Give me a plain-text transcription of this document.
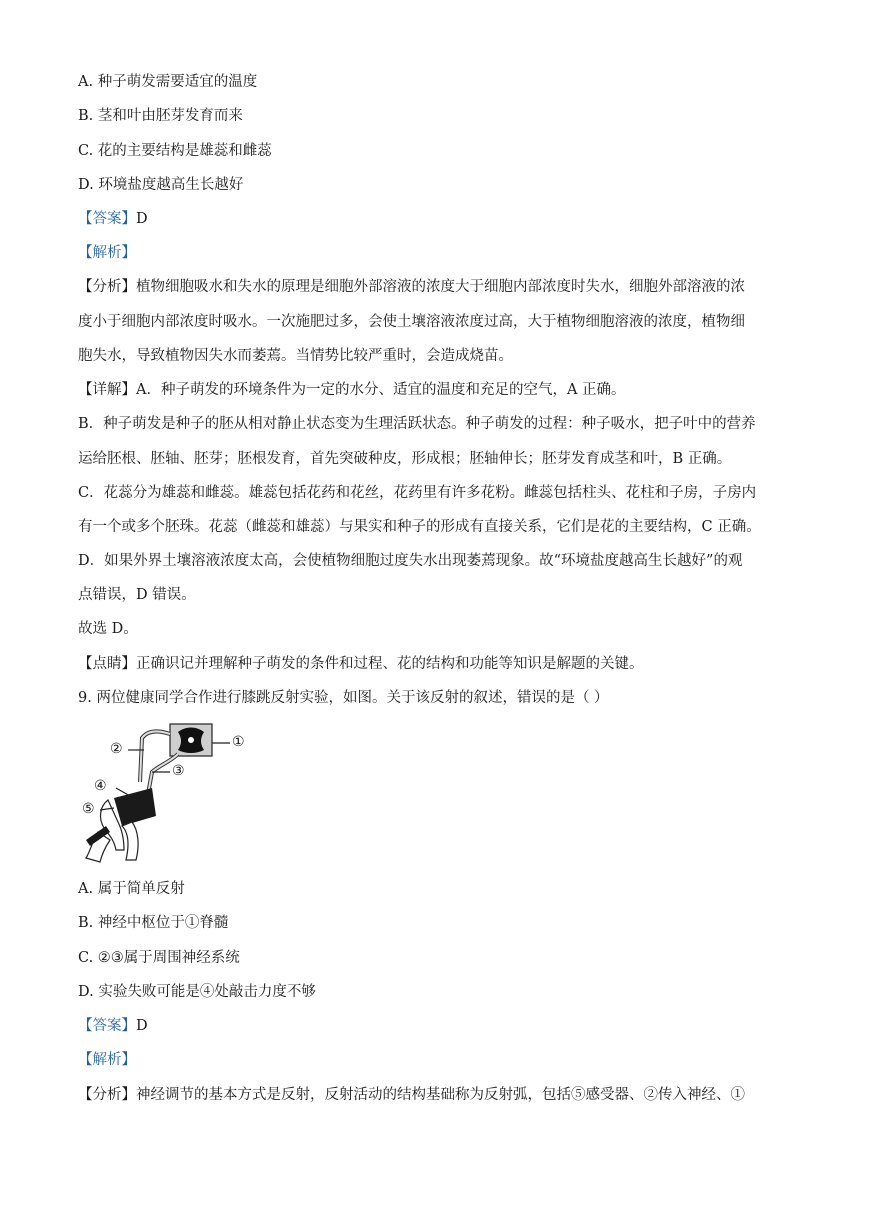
A. 种子萌发需要适宜的温度
B. 茎和叶由胚芽发育而来
C. 花的主要结构是雄蕊和雌蕊
D. 环境盐度越高生长越好
【答案】D
【解析】
【分析】植物细胞吸水和失水的原理是细胞外部溶液的浓度大于细胞内部浓度时失水，细胞外部溶液的浓
度小于细胞内部浓度时吸水。一次施肥过多，会使土壤溶液浓度过高，大于植物细胞溶液的浓度，植物细
胞失水，导致植物因失水而萎蔫。当情势比较严重时，会造成烧苗。
【详解】A．种子萌发的环境条件为一定的水分、适宜的温度和充足的空气，A 正确。
B．种子萌发是种子的胚从相对静止状态变为生理活跃状态。种子萌发的过程：种子吸水，把子叶中的营养
运给胚根、胚轴、胚芽；胚根发育，首先突破种皮，形成根；胚轴伸长；胚芽发育成茎和叶，B 正确。
C．花蕊分为雄蕊和雌蕊。雄蕊包括花药和花丝，花药里有许多花粉。雌蕊包括柱头、花柱和子房，子房内
有一个或多个胚珠。花蕊（雌蕊和雄蕊）与果实和种子的形成有直接关系，它们是花的主要结构，C 正确。
D．如果外界土壤溶液浓度太高，会使植物细胞过度失水出现萎蔫现象。故“环境盐度越高生长越好”的观
点错误，D 错误。
故选 D。
【点睛】正确识记并理解种子萌发的条件和过程、花的结构和功能等知识是解题的关键。
9. 两位健康同学合作进行膝跳反射实验，如图。关于该反射的叙述，错误的是（ ）
①
②
③
④
⑤
A. 属于简单反射
B. 神经中枢位于①脊髓
C. ②③属于周围神经系统
D. 实验失败可能是④处敲击力度不够
【答案】D
【解析】
【分析】神经调节的基本方式是反射，反射活动的结构基础称为反射弧，包括⑤感受器、②传入神经、①
